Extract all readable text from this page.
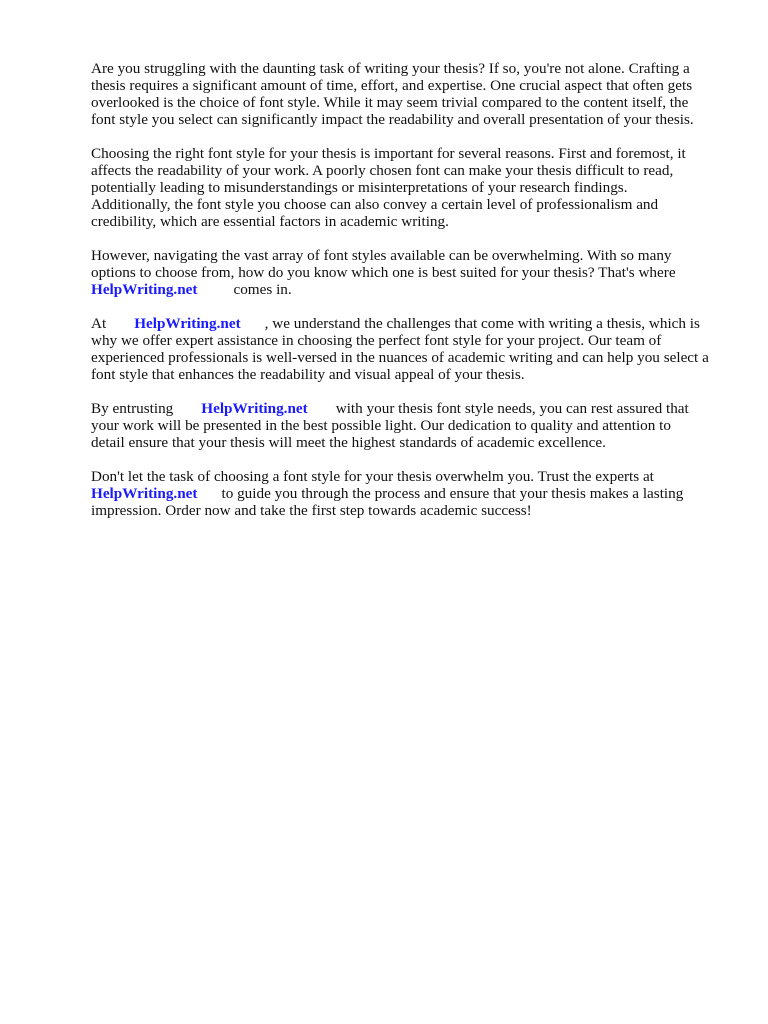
Are you struggling with the daunting task of writing your thesis? If so, you're not alone. Crafting a
thesis requires a significant amount of time, effort, and expertise. One crucial aspect that often gets
overlooked is the choice of font style. While it may seem trivial compared to the content itself, the
font style you select can significantly impact the readability and overall presentation of your thesis.

Choosing the right font style for your thesis is important for several reasons. First and foremost, it
affects the readability of your work. A poorly chosen font can make your thesis difficult to read,
potentially leading to misunderstandings or misinterpretations of your research findings.
Additionally, the font style you choose can also convey a certain level of professionalism and
credibility, which are essential factors in academic writing.

However, navigating the vast array of font styles available can be overwhelming. With so many
options to choose from, how do you know which one is best suited for your thesis? That's where
HelpWriting.net comes in.

At HelpWriting.net , we understand the challenges that come with writing a thesis, which is
why we offer expert assistance in choosing the perfect font style for your project. Our team of
experienced professionals is well-versed in the nuances of academic writing and can help you select a
font style that enhances the readability and visual appeal of your thesis.

By entrusting HelpWriting.net with your thesis font style needs, you can rest assured that
your work will be presented in the best possible light. Our dedication to quality and attention to
detail ensure that your thesis will meet the highest standards of academic excellence.

Don't let the task of choosing a font style for your thesis overwhelm you. Trust the experts at
HelpWriting.net to guide you through the process and ensure that your thesis makes a lasting
impression. Order now and take the first step towards academic success!
